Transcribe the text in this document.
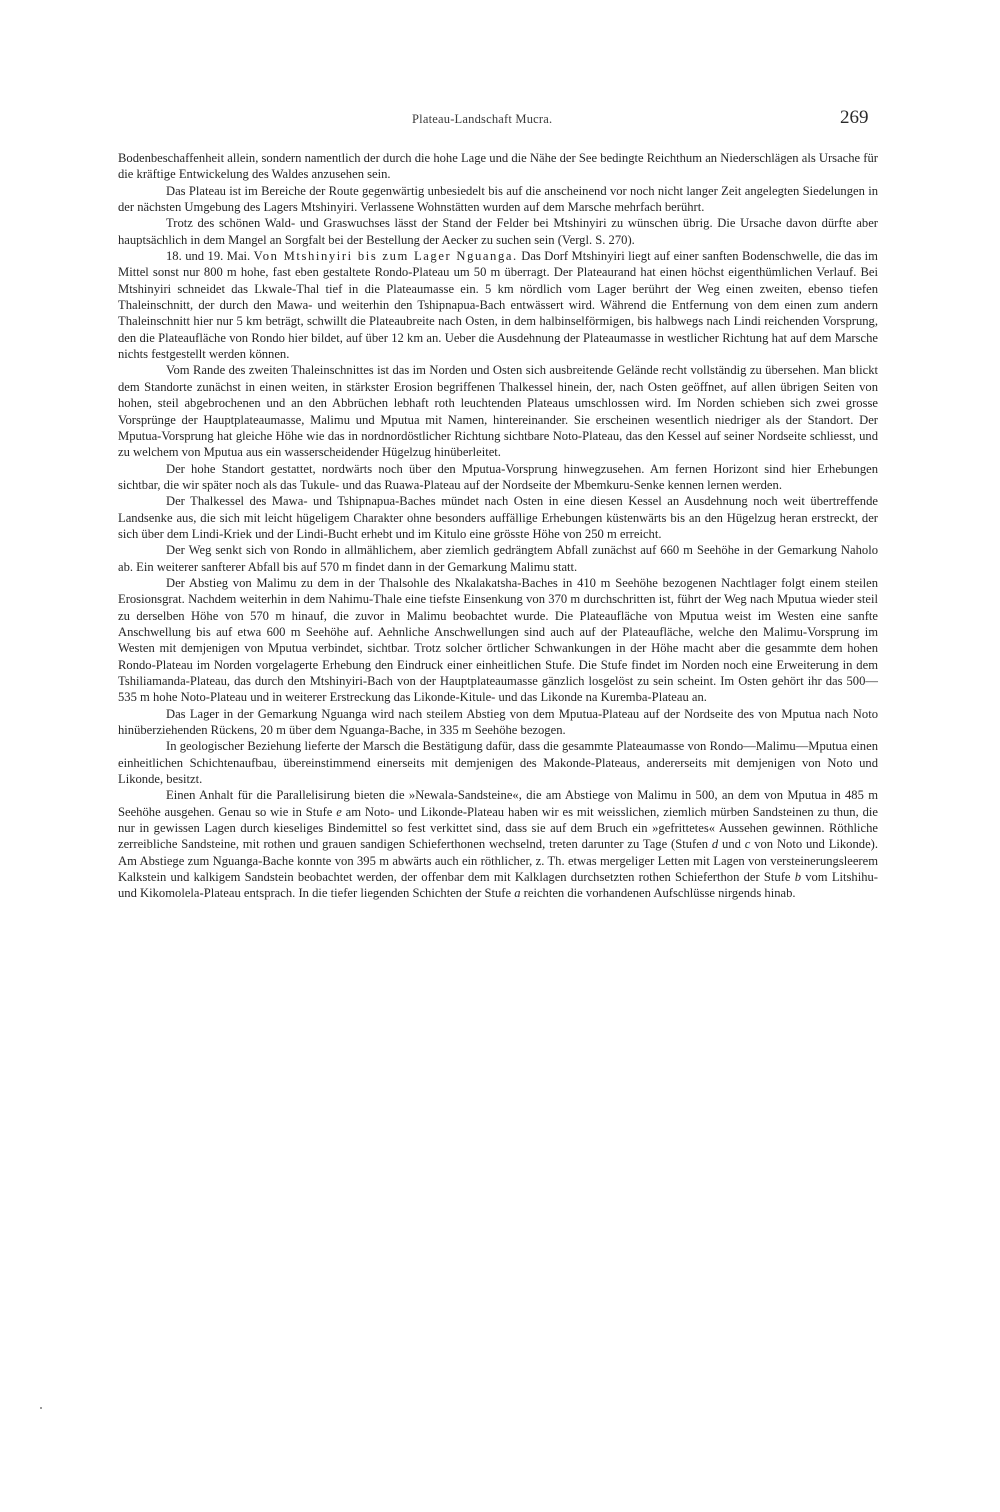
Plateau-Landschaft Mucra.	269

Bodenbeschaffenheit allein, sondern namentlich der durch die hohe Lage und die Nähe der See bedingte Reichthum an Niederschlägen als Ursache für die kräftige Entwickelung des Waldes anzusehen sein.

Das Plateau ist im Bereiche der Route gegenwärtig unbesiedelt bis auf die anscheinend vor noch nicht langer Zeit angelegten Siedelungen in der nächsten Umgebung des Lagers Mtshinyiri. Verlassene Wohnstätten wurden auf dem Marsche mehrfach berührt.

Trotz des schönen Wald- und Graswuchses lässt der Stand der Felder bei Mtshinyiri zu wünschen übrig. Die Ursache davon dürfte aber hauptsächlich in dem Mangel an Sorgfalt bei der Bestellung der Aecker zu suchen sein (Vergl. S. 270).

18. und 19. Mai. Von Mtshinyiri bis zum Lager Nguanga. Das Dorf Mtshinyiri liegt auf einer sanften Bodenschwelle, die das im Mittel sonst nur 800 m hohe, fast eben gestaltete Rondo-Plateau um 50 m überragt. Der Plateaurand hat einen höchst eigenthümlichen Verlauf. Bei Mtshinyiri schneidet das Lkwale-Thal tief in die Plateaumasse ein. 5 km nördlich vom Lager berührt der Weg einen zweiten, ebenso tiefen Thaleinschnitt, der durch den Mawa- und weiterhin den Tshipnapua-Bach entwässert wird. Während die Entfernung von dem einen zum andern Thaleinschnitt hier nur 5 km beträgt, schwillt die Plateaubreite nach Osten, in dem halbinselförmigen, bis halbwegs nach Lindi reichenden Vorsprung, den die Plateaufläche von Rondo hier bildet, auf über 12 km an. Ueber die Ausdehnung der Plateaumasse in westlicher Richtung hat auf dem Marsche nichts festgestellt werden können.

Vom Rande des zweiten Thaleinschnittes ist das im Norden und Osten sich ausbreitende Gelände recht vollständig zu übersehen. Man blickt dem Standorte zunächst in einen weiten, in stärkster Erosion begriffenen Thalkessel hinein, der, nach Osten geöffnet, auf allen übrigen Seiten von hohen, steil abgebrochenen und an den Abbrüchen lebhaft roth leuchtenden Plateaus umschlossen wird. Im Norden schieben sich zwei grosse Vorsprünge der Hauptplateaumasse, Malimu und Mputua mit Namen, hintereinander. Sie erscheinen wesentlich niedriger als der Standort. Der Mputua-Vorsprung hat gleiche Höhe wie das in nordnordöstlicher Richtung sichtbare Noto-Plateau, das den Kessel auf seiner Nordseite schliesst, und zu welchem von Mputua aus ein wasserscheidender Hügelzug hinüberleitet.

Der hohe Standort gestattet, nordwärts noch über den Mputua-Vorsprung hinwegzusehen. Am fernen Horizont sind hier Erhebungen sichtbar, die wir später noch als das Tukule- und das Ruawa-Plateau auf der Nordseite der Mbemkuru-Senke kennen lernen werden.

Der Thalkessel des Mawa- und Tshipnapua-Baches mündet nach Osten in eine diesen Kessel an Ausdehnung noch weit übertreffende Landsenke aus, die sich mit leicht hügeligem Charakter ohne besonders auffällige Erhebungen küstenwärts bis an den Hügelzug heran erstreckt, der sich über dem Lindi-Kriek und der Lindi-Bucht erhebt und im Kitulo eine grösste Höhe von 250 m erreicht.

Der Weg senkt sich von Rondo in allmählichem, aber ziemlich gedrängtem Abfall zunächst auf 660 m Seehöhe in der Gemarkung Naholo ab. Ein weiterer sanfterer Abfall bis auf 570 m findet dann in der Gemarkung Malimu statt.

Der Abstieg von Malimu zu dem in der Thalsohle des Nkalakatsha-Baches in 410 m Seehöhe bezogenen Nachtlager folgt einem steilen Erosionsgrat. Nachdem weiterhin in dem Nahimu-Thale eine tiefste Einsenkung von 370 m durchschritten ist, führt der Weg nach Mputua wieder steil zu derselben Höhe von 570 m hinauf, die zuvor in Malimu beobachtet wurde. Die Plateaufläche von Mputua weist im Westen eine sanfte Anschwellung bis auf etwa 600 m Seehöhe auf. Aehnliche Anschwellungen sind auch auf der Plateaufläche, welche den Malimu-Vorsprung im Westen mit demjenigen von Mputua verbindet, sichtbar. Trotz solcher örtlicher Schwankungen in der Höhe macht aber die gesammte dem hohen Rondo-Plateau im Norden vorgelagerte Erhebung den Eindruck einer einheitlichen Stufe. Die Stufe findet im Norden noch eine Erweiterung in dem Tshiliamanda-Plateau, das durch den Mtshinyiri-Bach von der Hauptplateaumasse gänzlich losgelöst zu sein scheint. Im Osten gehört ihr das 500—535 m hohe Noto-Plateau und in weiterer Erstreckung das Likonde-Kitule- und das Likonde na Kuremba-Plateau an.

Das Lager in der Gemarkung Nguanga wird nach steilem Abstieg von dem Mputua-Plateau auf der Nordseite des von Mputua nach Noto hinüberziehenden Rückens, 20 m über dem Nguanga-Bache, in 335 m Seehöhe bezogen.

In geologischer Beziehung lieferte der Marsch die Bestätigung dafür, dass die gesammte Plateaumasse von Rondo—Malimu—Mputua einen einheitlichen Schichtenaufbau, übereinstimmend einerseits mit demjenigen des Makonde-Plateaus, andererseits mit demjenigen von Noto und Likonde, besitzt.

Einen Anhalt für die Parallelisirung bieten die »Newala-Sandsteine«, die am Abstiege von Malimu in 500, an dem von Mputua in 485 m Seehöhe ausgehen. Genau so wie in Stufe e am Noto- und Likonde-Plateau haben wir es mit weisslichen, ziemlich mürben Sandsteinen zu thun, die nur in gewissen Lagen durch kieseliges Bindemittel so fest verkittet sind, dass sie auf dem Bruch ein »gefrittetes« Aussehen gewinnen. Röthliche zerreibliche Sandsteine, mit rothen und grauen sandigen Schieferthonen wechselnd, treten darunter zu Tage (Stufen d und c von Noto und Likonde). Am Abstiege zum Nguanga-Bache konnte von 395 m abwärts auch ein röthlicher, z. Th. etwas mergeliger Letten mit Lagen von versteinerungsleerem Kalkstein und kalkigem Sandstein beobachtet werden, der offenbar dem mit Kalklagen durchsetzten rothen Schieferthon der Stufe b vom Litshihu- und Kikomolela-Plateau entsprach. In die tiefer liegenden Schichten der Stufe a reichten die vorhandenen Aufschlüsse nirgends hinab.
